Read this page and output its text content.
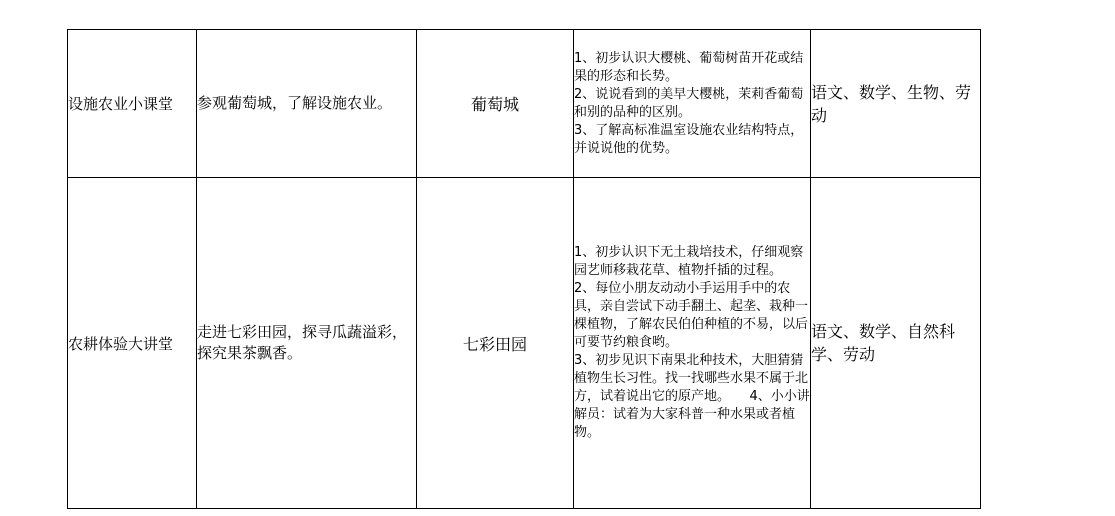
设施农业小课堂	参观葡萄城，了解设施农业。	葡萄城	1、初步认识大樱桃、葡萄树苗开花或结果的形态和长势。
2、说说看到的美早大樱桃，茉莉香葡萄和别的品种的区别。
3、了解高标准温室设施农业结构特点，并说说他的优势。	语文、数学、生物、劳动

农耕体验大讲堂	走进七彩田园，探寻瓜蔬溢彩，探究果茶飘香。	七彩田园	1、初步认识下无土栽培技术，仔细观察园艺师移栽花草、植物扦插的过程。
2、每位小朋友动动小手运用手中的农具，亲自尝试下动手翻土、起垄、栽种一棵植物，了解农民伯伯种植的不易，以后可要节约粮食哟。
3、初步见识下南果北种技术，大胆猜猜植物生长习性。找一找哪些水果不属于北方，试着说出它的原产地。　　4、小小讲解员：试着为大家科普一种水果或者植物。	语文、数学、自然科学、劳动
